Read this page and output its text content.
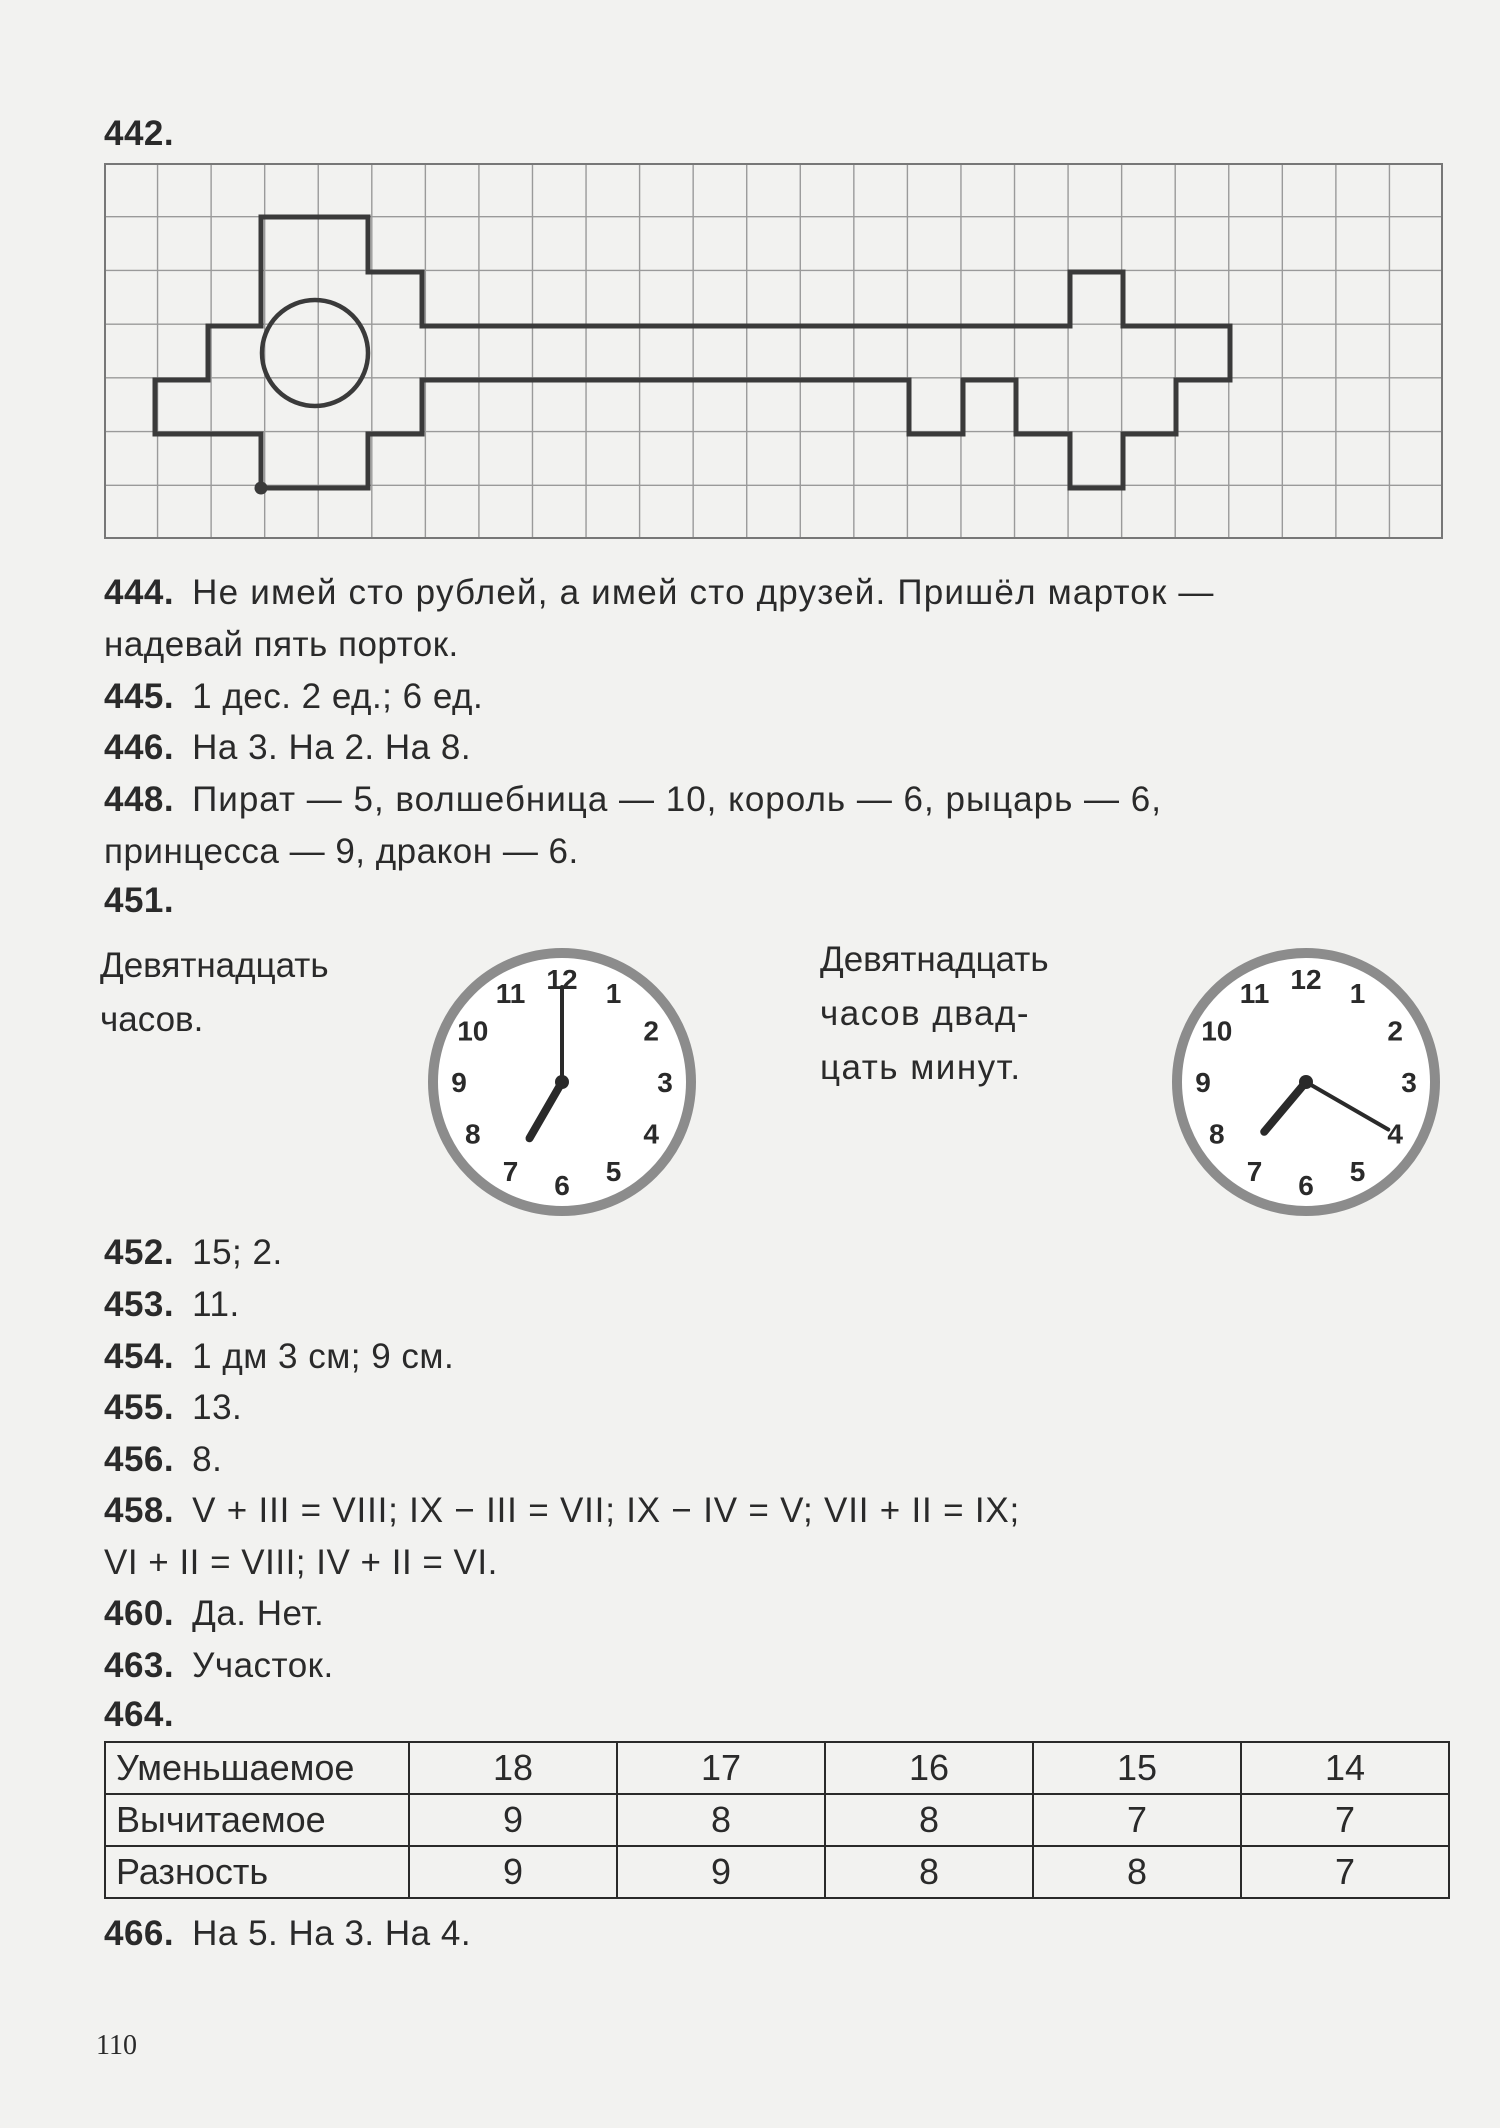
442.
444. Не имей сто рублей, а имей сто друзей. Пришёл марток —
надевай пять порток.
445. 1 дес. 2 ед.; 6 ед.
446. На 3. На 2. На 8.
448. Пират — 5, волшебница — 10, король — 6, рыцарь — 6,
принцесса — 9, дракон — 6.
451.
Девятнадцать
часов.
Девятнадцать
часов двад-
цать минут.
12 1
2
3
4
5
6
7
8
9
10
11	12 1
2
3
4
5
6
7
8
9
10
11
452. 15; 2.
453. 11.
454. 1 дм 3 см; 9 см.
455. 13.
456. 8.
458. V + III = VIII; IX − III = VII; IX − IV = V; VII + II = IX;
VI + II = VIII; IV + II = VI.
460. Да. Нет.
463. Участок.
464.
Уменьшаемое	18	17	16	15	14
Вычитаемое	9	8	8	7	7
Разность	9	9	8	8	7
466. На 5. На 3. На 4.
110
